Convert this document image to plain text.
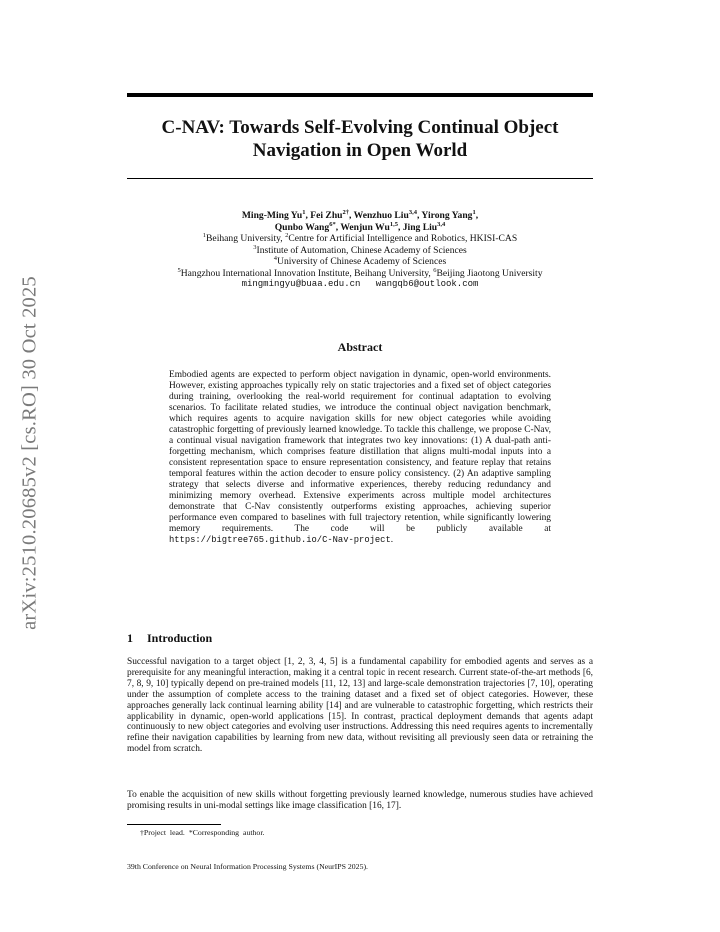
arXiv:2510.20685v2 [cs.RO] 30 Oct 2025
C-NAV: Towards Self-Evolving Continual Object
Navigation in Open World
Ming-Ming Yu$^1$, Fei Zhu$^{2\dagger}$, Wenzhuo Liu$^{3,4}$, Yirong Yang$^1$,
Qunbo Wang$^{6*}$, Wenjun Wu$^{1,5}$, Jing Liu$^{3,4}$
$^1$Beihang University, $^2$Centre for Artificial Intelligence and Robotics, HKISI-CAS
$^3$Institute of Automation, Chinese Academy of Sciences
$^4$University of Chinese Academy of Sciences
$^5$Hangzhou International Innovation Institute, Beihang University, $^6$Beijing Jiaotong University
mingmingyu@buaa.edu.cn wangqb6@outlook.com
Abstract
Embodied agents are expected to perform object navigation in dynamic, open-world environments. However, existing approaches typically rely on static trajectories and a fixed set of object categories during training, overlooking the real-world requirement for continual adaptation to evolving scenarios. To facilitate related studies, we introduce the continual object navigation benchmark, which requires agents to acquire navigation skills for new object categories while avoiding catastrophic forgetting of previously learned knowledge. To tackle this challenge, we propose C-Nav, a continual visual navigation framework that integrates two key innovations: (1) A dual-path anti-forgetting mechanism, which comprises feature distillation that aligns multi-modal inputs into a consistent representation space to ensure representation consistency, and feature replay that retains temporal features within the action decoder to ensure policy consistency. (2) An adaptive sampling strategy that selects diverse and informative experiences, thereby reducing redundancy and minimizing memory overhead. Extensive experiments across multiple model architectures demonstrate that C-Nav consistently outperforms existing approaches, achieving superior performance even compared to baselines with full trajectory retention, while significantly lowering memory requirements. The code will be publicly available at https://bigtree765.github.io/C-Nav-project.
1 Introduction
Successful navigation to a target object [1, 2, 3, 4, 5] is a fundamental capability for embodied agents and serves as a prerequisite for any meaningful interaction, making it a central topic in recent research. Current state-of-the-art methods [6, 7, 8, 9, 10] typically depend on pre-trained models [11, 12, 13] and large-scale demonstration trajectories [7, 10], operating under the assumption of complete access to the training dataset and a fixed set of object categories. However, these approaches generally lack continual learning ability [14] and are vulnerable to catastrophic forgetting, which restricts their applicability in dynamic, open-world applications [15]. In contrast, practical deployment demands that agents adapt continuously to new object categories and evolving user instructions. Addressing this need requires agents to incrementally refine their navigation capabilities by learning from new data, without revisiting all previously seen data or retraining the model from scratch.
To enable the acquisition of new skills without forgetting previously learned knowledge, numerous studies have achieved promising results in uni-modal settings like image classification [16, 17].
†Project lead. *Corresponding author.
39th Conference on Neural Information Processing Systems (NeurIPS 2025).
